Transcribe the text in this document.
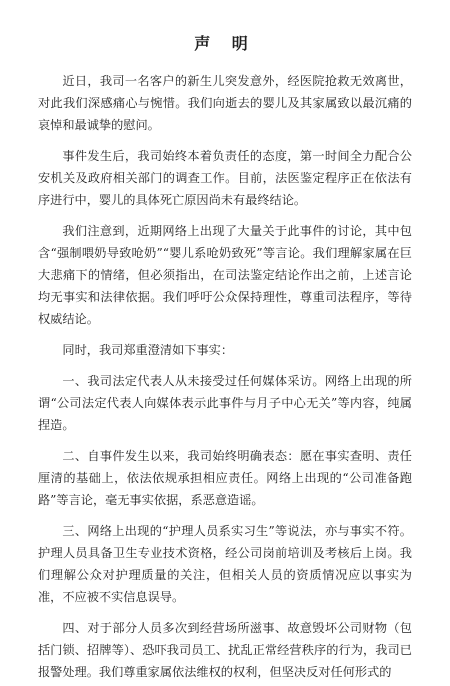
声 明

近日，我司一名客户的新生儿突发意外，经医院抢救无效离世，对此我们深感痛心与惋惜。我们向逝去的婴儿及其家属致以最沉痛的哀悼和最诚挚的慰问。

事件发生后，我司始终本着负责任的态度，第一时间全力配合公安机关及政府相关部门的调查工作。目前，法医鉴定程序正在依法有序进行中，婴儿的具体死亡原因尚未有最终结论。

我们注意到，近期网络上出现了大量关于此事件的讨论，其中包含“强制喂奶导致呛奶”“婴儿系呛奶致死”等言论。我们理解家属在巨大悲痛下的情绪，但必须指出，在司法鉴定结论作出之前，上述言论均无事实和法律依据。我们呼吁公众保持理性，尊重司法程序，等待权威结论。

同时，我司郑重澄清如下事实：

一、我司法定代表人从未接受过任何媒体采访。网络上出现的所谓“公司法定代表人向媒体表示此事件与月子中心无关”等内容，纯属捏造。

二、自事件发生以来，我司始终明确表态：愿在事实查明、责任厘清的基础上，依法依规承担相应责任。网络上出现的“公司准备跑路”等言论，毫无事实依据，系恶意造谣。

三、网络上出现的“护理人员系实习生”等说法，亦与事实不符。护理人员具备卫生专业技术资格，经公司岗前培训及考核后上岗。我们理解公众对护理质量的关注，但相关人员的资质情况应以事实为准，不应被不实信息误导。

四、对于部分人员多次到经营场所滋事、故意毁坏公司财物（包括门锁、招牌等）、恐吓我司员工、扰乱正常经营秩序的行为，我司已报警处理。我们尊重家属依法维权的权利，但坚决反对任何形式的
